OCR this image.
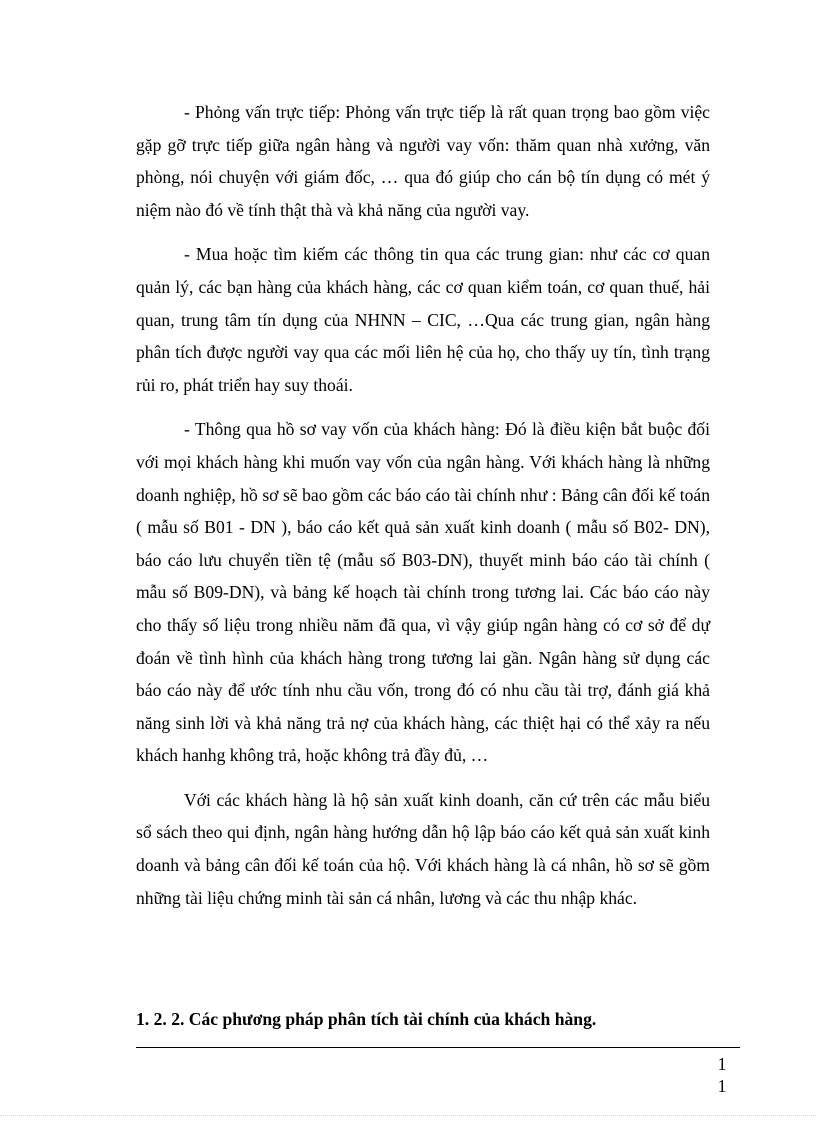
- Phỏng vấn trực tiếp: Phỏng vấn trực tiếp là rất quan trọng bao gồm việc gặp gỡ trực tiếp giữa ngân hàng và người vay vốn: thăm quan nhà xưởng, văn phòng, nói chuyện với giám đốc, … qua đó giúp cho cán bộ tín dụng có mét ý niệm nào đó về tính thật thà và khả năng của người vay.

- Mua hoặc tìm kiếm các thông tin qua các trung gian: như các cơ quan quản lý, các bạn hàng của khách hàng, các cơ quan kiểm toán, cơ quan thuế, hải quan, trung tâm tín dụng của NHNN – CIC, …Qua các trung gian, ngân hàng phân tích được người vay qua các mối liên hệ của họ, cho thấy uy tín, tình trạng rủi ro, phát triển hay suy thoái.

- Thông qua hồ sơ vay vốn của khách hàng: Đó là điều kiện bắt buộc đối với mọi khách hàng khi muốn vay vốn của ngân hàng. Với khách hàng là những doanh nghiệp, hồ sơ sẽ bao gồm các báo cáo tài chính như : Bảng cân đối kế toán ( mẫu số B01 - DN ), báo cáo kết quả sản xuất kinh doanh ( mẫu số B02- DN), báo cáo lưu chuyển tiền tệ (mẫu số B03-DN), thuyết minh báo cáo tài chính ( mẫu số B09-DN), và bảng kế hoạch tài chính trong tương lai. Các báo cáo này cho thấy số liệu trong nhiều năm đã qua, vì vậy giúp ngân hàng có cơ sở để dự đoán về tình hình của khách hàng trong tương lai gần. Ngân hàng sử dụng các báo cáo này để ước tính nhu cầu vốn, trong đó có nhu cầu tài trợ, đánh giá khả năng sinh lời và khả năng trả nợ của khách hàng, các thiệt hại có thể xảy ra nếu khách hanhg không trả, hoặc không trả đầy đủ, …

Với các khách hàng là hộ sản xuất kinh doanh, căn cứ trên các mẫu biểu sổ sách theo qui định, ngân hàng hướng dẫn hộ lập báo cáo kết quả sản xuất kinh doanh và bảng cân đối kế toán của hộ. Với khách hàng là cá nhân, hồ sơ sẽ gồm những tài liệu chứng minh tài sản cá nhân, lương và các thu nhập khác.

1. 2. 2. Các phương pháp phân tích tài chính của khách hàng.
1
1
